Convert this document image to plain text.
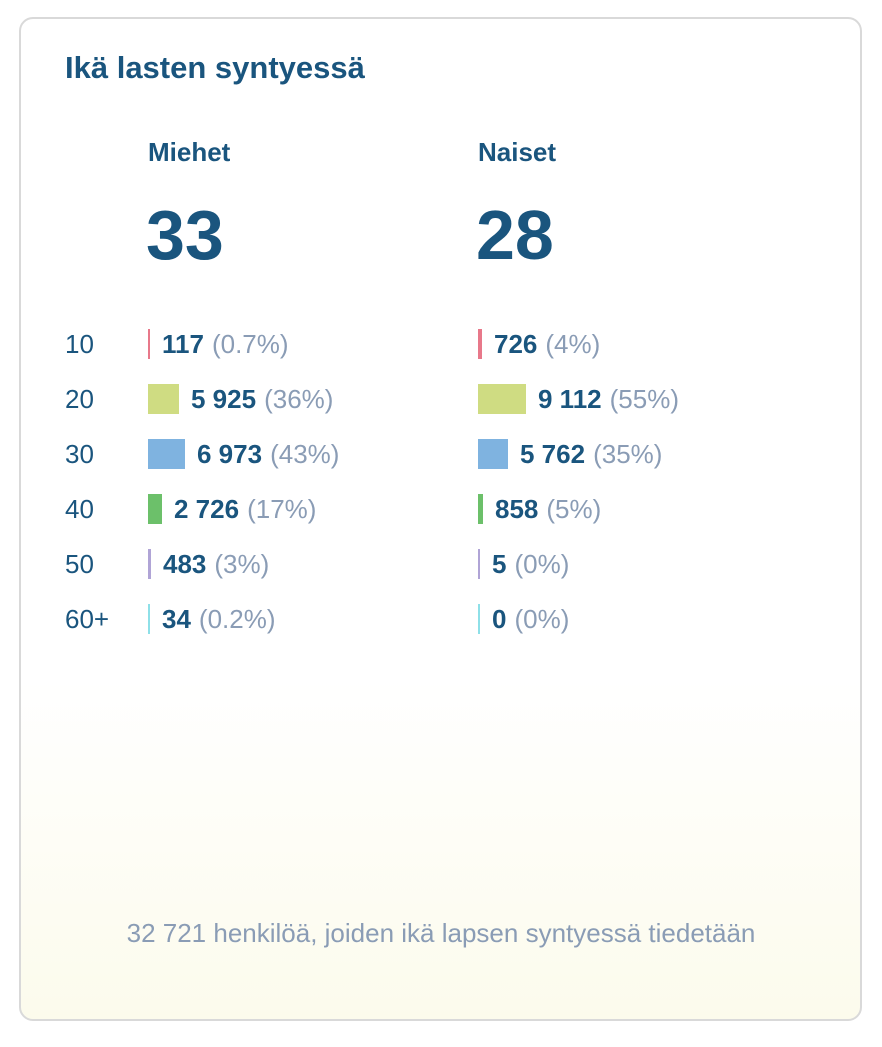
Ikä lasten syntyessä
Miehet	Naiset
33	28
10	117 (0.7%)	726 (4%)
20	5 925 (36%)	9 112 (55%)
30	6 973 (43%)	5 762 (35%)
40	2 726 (17%)	858 (5%)
50	483 (3%)	5 (0%)
60+ 34 (0.2%)	0 (0%)
32 721 henkilöä, joiden ikä lapsen syntyessä tiedetään
